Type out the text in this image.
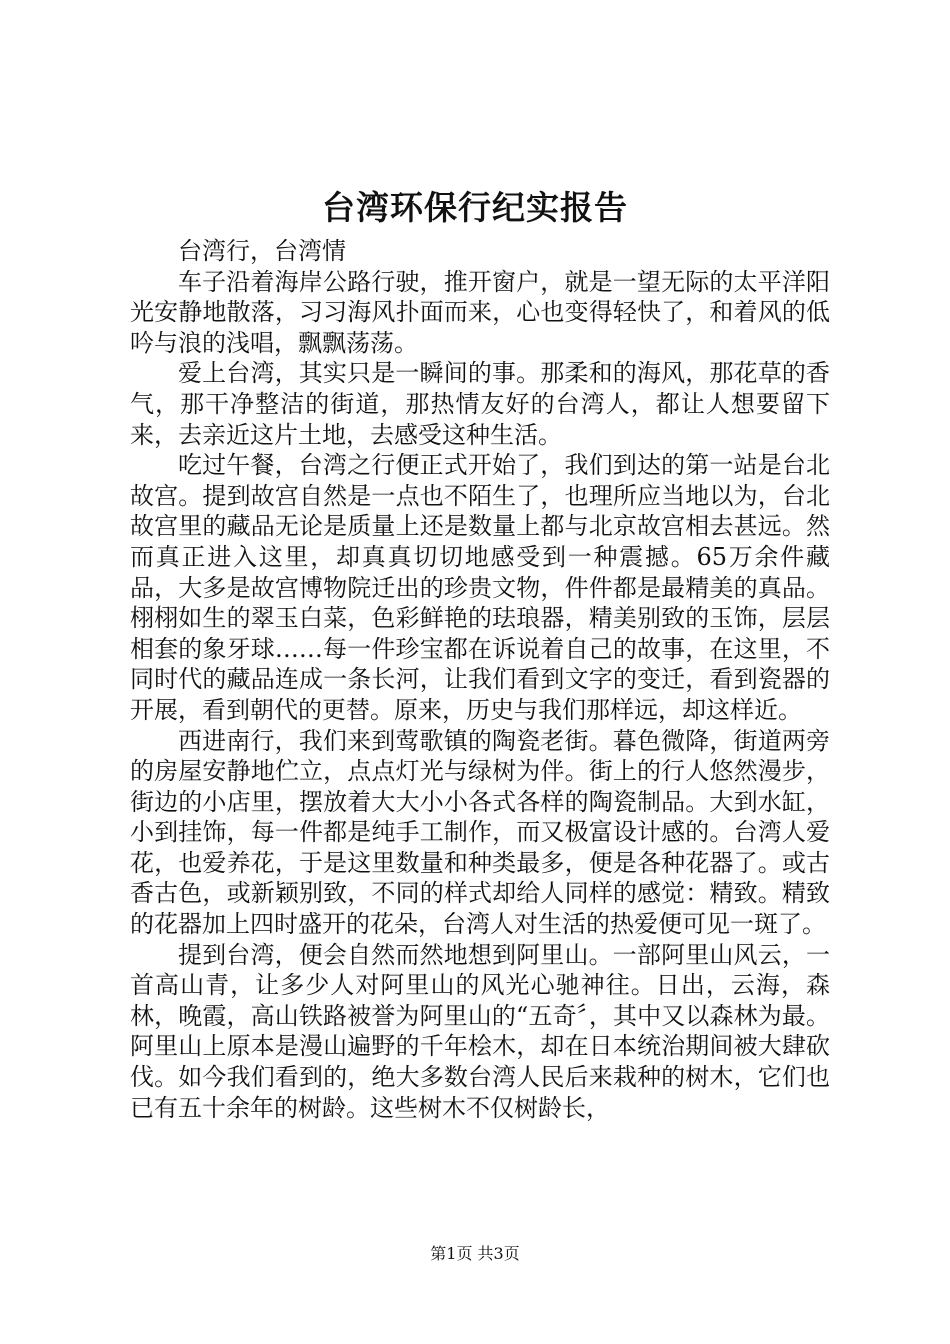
台湾环保行纪实报告

台湾行，台湾情

车子沿着海岸公路行驶，推开窗户，就是一望无际的太平洋阳光安静地散落，习习海风扑面而来，心也变得轻快了，和着风的低吟与浪的浅唱，飘飘荡荡。

爱上台湾，其实只是一瞬间的事。那柔和的海风，那花草的香气，那干净整洁的街道，那热情友好的台湾人，都让人想要留下来，去亲近这片土地，去感受这种生活。

吃过午餐，台湾之行便正式开始了，我们到达的第一站是台北故宫。提到故宫自然是一点也不陌生了，也理所应当地以为，台北故宫里的藏品无论是质量上还是数量上都与北京故宫相去甚远。然而真正进入这里，却真真切切地感受到一种震撼。65万余件藏品，大多是故宫博物院迁出的珍贵文物，件件都是最精美的真品。栩栩如生的翠玉白菜，色彩鲜艳的珐琅器，精美别致的玉饰，层层相套的象牙球……每一件珍宝都在诉说着自己的故事，在这里，不同时代的藏品连成一条长河，让我们看到文字的变迁，看到瓷器的开展，看到朝代的更替。原来，历史与我们那样远，却这样近。

西进南行，我们来到莺歌镇的陶瓷老街。暮色微降，街道两旁的房屋安静地伫立，点点灯光与绿树为伴。街上的行人悠然漫步，街边的小店里，摆放着大大小小各式各样的陶瓷制品。大到水缸，小到挂饰，每一件都是纯手工制作，而又极富设计感的。台湾人爱花，也爱养花，于是这里数量和种类最多，便是各种花器了。或古香古色，或新颖别致，不同的样式却给人同样的感觉：精致。精致的花器加上四时盛开的花朵，台湾人对生活的热爱便可见一斑了。

提到台湾，便会自然而然地想到阿里山。一部阿里山风云，一首高山青，让多少人对阿里山的风光心驰神往。日出，云海，森林，晚霞，高山铁路被誉为阿里山的“五奇〞，其中又以森林为最。阿里山上原本是漫山遍野的千年桧木，却在日本统治期间被大肆砍伐。如今我们看到的，绝大多数台湾人民后来栽种的树木，它们也已有五十余年的树龄。这些树木不仅树龄长，

第1页 共3页
